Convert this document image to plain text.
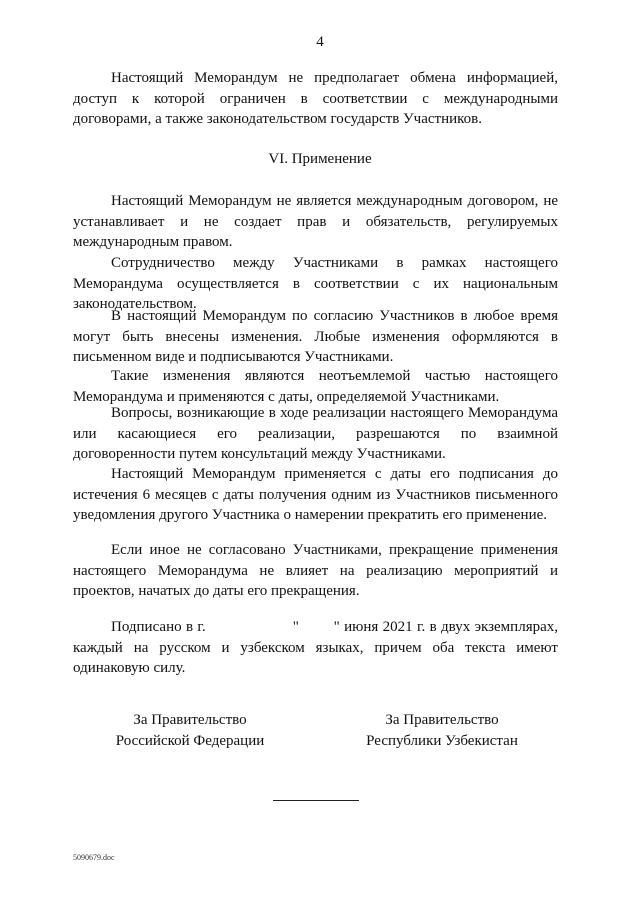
4

Настоящий Меморандум не предполагает обмена информацией, доступ к которой ограничен в соответствии с международными договорами, а также законодательством государств Участников.

VI. Применение

Настоящий Меморандум не является международным договором, не устанавливает и не создает прав и обязательств, регулируемых международным правом.

Сотрудничество между Участниками в рамках настоящего Меморандума осуществляется в соответствии с их национальным законодательством.

В настоящий Меморандум по согласию Участников в любое время могут быть внесены изменения. Любые изменения оформляются в письменном виде и подписываются Участниками.

Такие изменения являются неотъемлемой частью настоящего Меморандума и применяются с даты, определяемой Участниками.

Вопросы, возникающие в ходе реализации настоящего Меморандума или касающиеся его реализации, разрешаются по взаимной договоренности путем консультаций между Участниками.

Настоящий Меморандум применяется с даты его подписания до истечения 6 месяцев с даты получения одним из Участников письменного уведомления другого Участника о намерении прекратить его применение.

Если иное не согласовано Участниками, прекращение применения настоящего Меморандума не влияет на реализацию мероприятий и проектов, начатых до даты его прекращения.

Подписано в г.                    "        " июня 2021 г. в двух экземплярах, каждый на русском и узбекском языках, причем оба текста имеют одинаковую силу.

За Правительство
Российской Федерации
За Правительство
Республики Узбекистан
5090679.doc
